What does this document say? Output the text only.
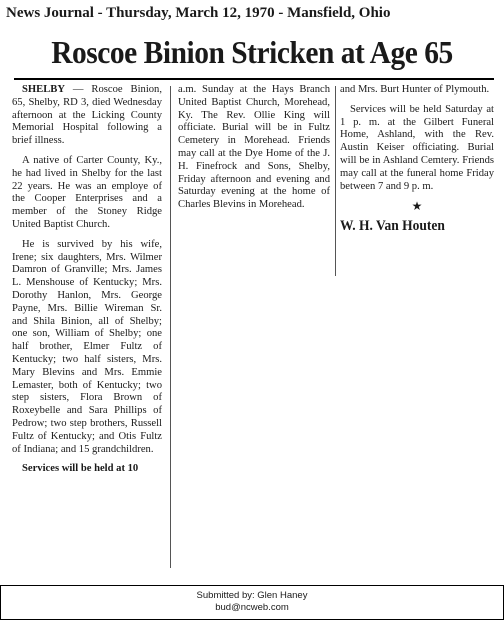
News Journal - Thursday, March 12, 1970 - Mansfield, Ohio
Roscoe Binion Stricken at Age 65

SHELBY — Roscoe Binion, 65, Shelby, RD 3, died Wednesday afternoon at the Licking County Memorial Hospital following a brief illness.

A native of Carter County, Ky., he had lived in Shelby for the last 22 years. He was an employe of the Cooper Enterprises and a member of the Stoney Ridge United Baptist Church.

He is survived by his wife, Irene; six daughters, Mrs. Wilmer Damron of Granville; Mrs. James L. Menshouse of Kentucky; Mrs. Dorothy Hanlon, Mrs. George Payne, Mrs. Billie Wireman Sr. and Shila Binion, all of Shelby; one son, William of Shelby; one half brother, Elmer Fultz of Kentucky; two half sisters, Mrs. Mary Blevins and Mrs. Emmie Lemaster, both of Kentucky; two step sisters, Flora Brown of Roxeybelle and Sara Phillips of Pedrow; two step brothers, Russell Fultz of Kentucky; and Otis Fultz of Indiana; and 15 grandchildren.

Services will be held at 10

a.m. Sunday at the Hays Branch United Baptist Church, Morehead, Ky. The Rev. Ollie King will officiate. Burial will be in Fultz Cemetery in Morehead. Friends may call at the Dye Home of the J. H. Finefrock and Sons, Shelby, Friday afternoon and evening and Saturday evening at the home of Charles Blevins in Morehead.

and Mrs. Burt Hunter of Plymouth.

Services will be held Saturday at 1 p. m. at the Gilbert Funeral Home, Ashland, with the Rev. Austin Keiser officiating. Burial will be in Ashland Cemtery. Friends may call at the funeral home Friday between 7 and 9 p. m.

★

W. H. Van Houten

Submitted by: Glen Haney
bud@ncweb.com
